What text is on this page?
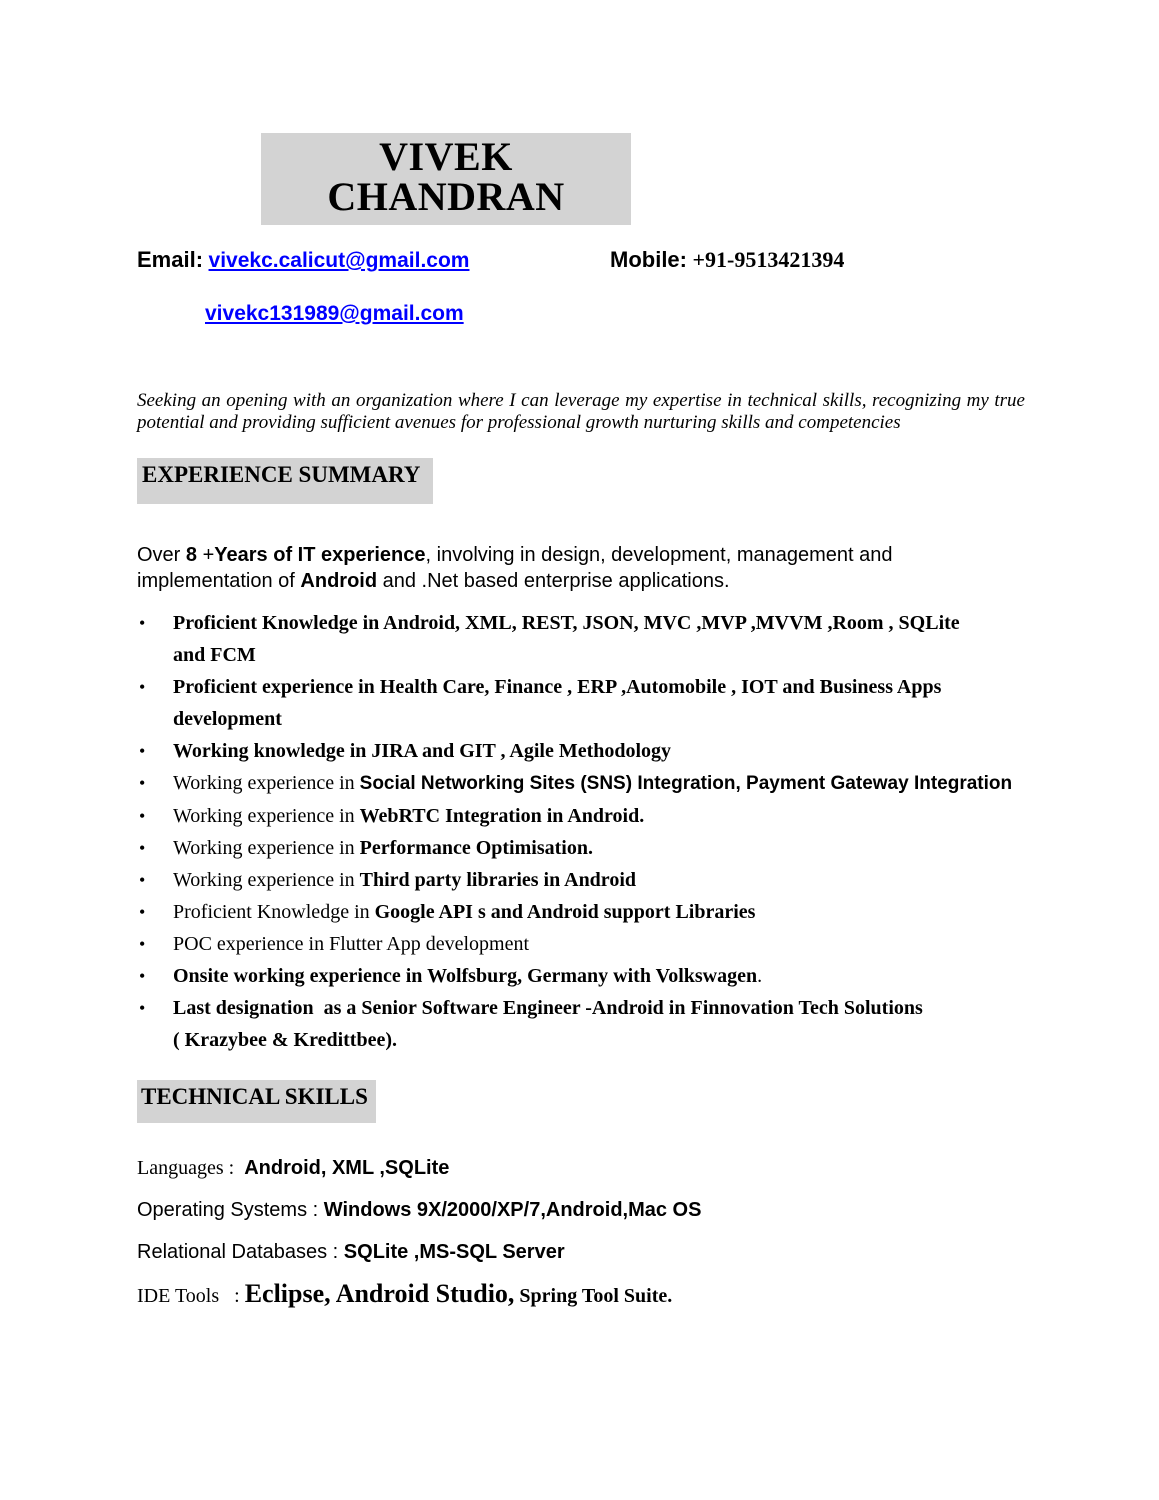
VIVEK CHANDRAN
Email: vivekc.calicut@gmail.com	Mobile: +91-9513421394
vivekc131989@gmail.com

Seeking an opening with an organization where I can leverage my expertise in technical skills, recognizing my true potential and providing sufficient avenues for professional growth nurturing skills and competencies

EXPERIENCE SUMMARY

Over 8 +Years of IT experience, involving in design, development, management and
implementation of Android and .Net based enterprise applications.

• Proficient Knowledge in Android, XML, REST, JSON, MVC ,MVP ,MVVM ,Room , SQLite
and FCM
• Proficient experience in Health Care, Finance , ERP ,Automobile , IOT and Business Apps
development
• Working knowledge in JIRA and GIT , Agile Methodology
• Working experience in Social Networking Sites (SNS) Integration, Payment Gateway Integration
• Working experience in WebRTC Integration in Android.
• Working experience in Performance Optimisation.
• Working experience in Third party libraries in Android
• Proficient Knowledge in Google API s and Android support Libraries
• POC experience in Flutter App development
• Onsite working experience in Wolfsburg, Germany with Volkswagen.
• Last designation  as a Senior Software Engineer -Android in Finnovation Tech Solutions
( Krazybee & Kredittbee).
TECHNICAL SKILLS
Languages :  Android, XML ,SQLite
Operating Systems : Windows 9X/2000/XP/7,Android,Mac OS
Relational Databases : SQLite ,MS-SQL Server
IDE Tools   : Eclipse, Android Studio, Spring Tool Suite.
